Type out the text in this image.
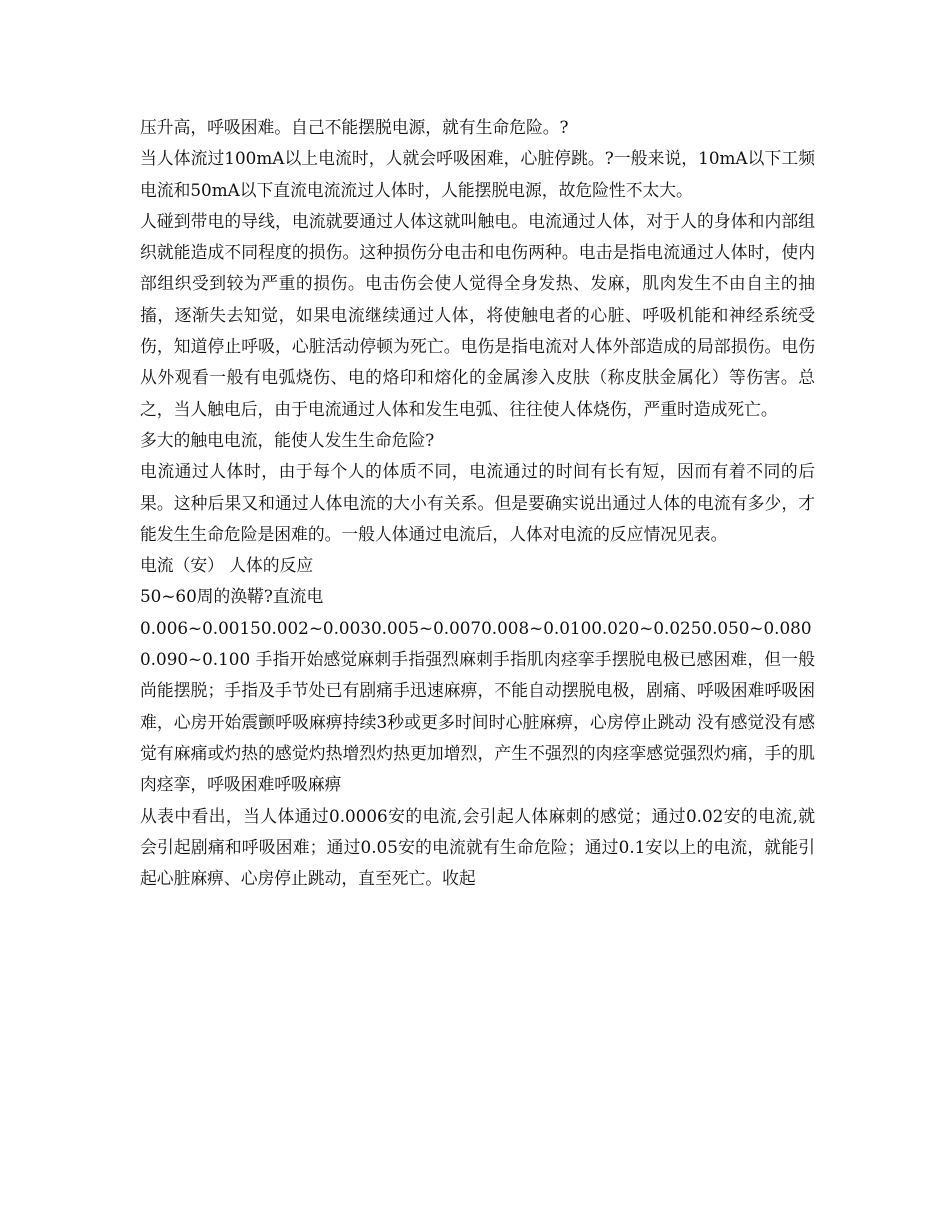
压升高，呼吸困难。自己不能摆脱电源，就有生命危险。?

当人体流过100mA以上电流时，人就会呼吸困难，心脏停跳。?一般来说，10mA以下工频电流和50mA以下直流电流流过人体时，人能摆脱电源，故危险性不太大。

人碰到带电的导线，电流就要通过人体这就叫触电。电流通过人体，对于人的身体和内部组织就能造成不同程度的损伤。这种损伤分电击和电伤两种。电击是指电流通过人体时，使内部组织受到较为严重的损伤。电击伤会使人觉得全身发热、发麻，肌肉发生不由自主的抽搐，逐渐失去知觉，如果电流继续通过人体，将使触电者的心脏、呼吸机能和神经系统受伤，知道停止呼吸，心脏活动停顿为死亡。电伤是指电流对人体外部造成的局部损伤。电伤从外观看一般有电弧烧伤、电的烙印和熔化的金属渗入皮肤（称皮肤金属化）等伤害。总之，当人触电后，由于电流通过人体和发生电弧、往往使人体烧伤，严重时造成死亡。

多大的触电电流，能使人发生生命危险?

电流通过人体时，由于每个人的体质不同，电流通过的时间有长有短，因而有着不同的后果。这种后果又和通过人体电流的大小有关系。但是要确实说出通过人体的电流有多少，才能发生生命危险是困难的。一般人体通过电流后，人体对电流的反应情况见表。

电流（安） 人体的反应

50~60周的涣鞯?直流电

0.006~0.00150.002~0.0030.005~0.0070.008~0.0100.020~0.0250.050~0.0800.090~0.100 手指开始感觉麻刺手指强烈麻刺手指肌肉痉挛手摆脱电极已感困难，但一般尚能摆脱；手指及手节处已有剧痛手迅速麻痹，不能自动摆脱电极，剧痛、呼吸困难呼吸困难，心房开始震颤呼吸麻痹持续3秒或更多时间时心脏麻痹，心房停止跳动 没有感觉没有感觉有麻痛或灼热的感觉灼热增烈灼热更加增烈，产生不强烈的肉痉挛感觉强烈灼痛，手的肌肉痉挛，呼吸困难呼吸麻痹

从表中看出，当人体通过0.0006安的电流,会引起人体麻刺的感觉；通过0.02安的电流,就会引起剧痛和呼吸困难；通过0.05安的电流就有生命危险；通过0.1安以上的电流，就能引起心脏麻痹、心房停止跳动，直至死亡。收起
